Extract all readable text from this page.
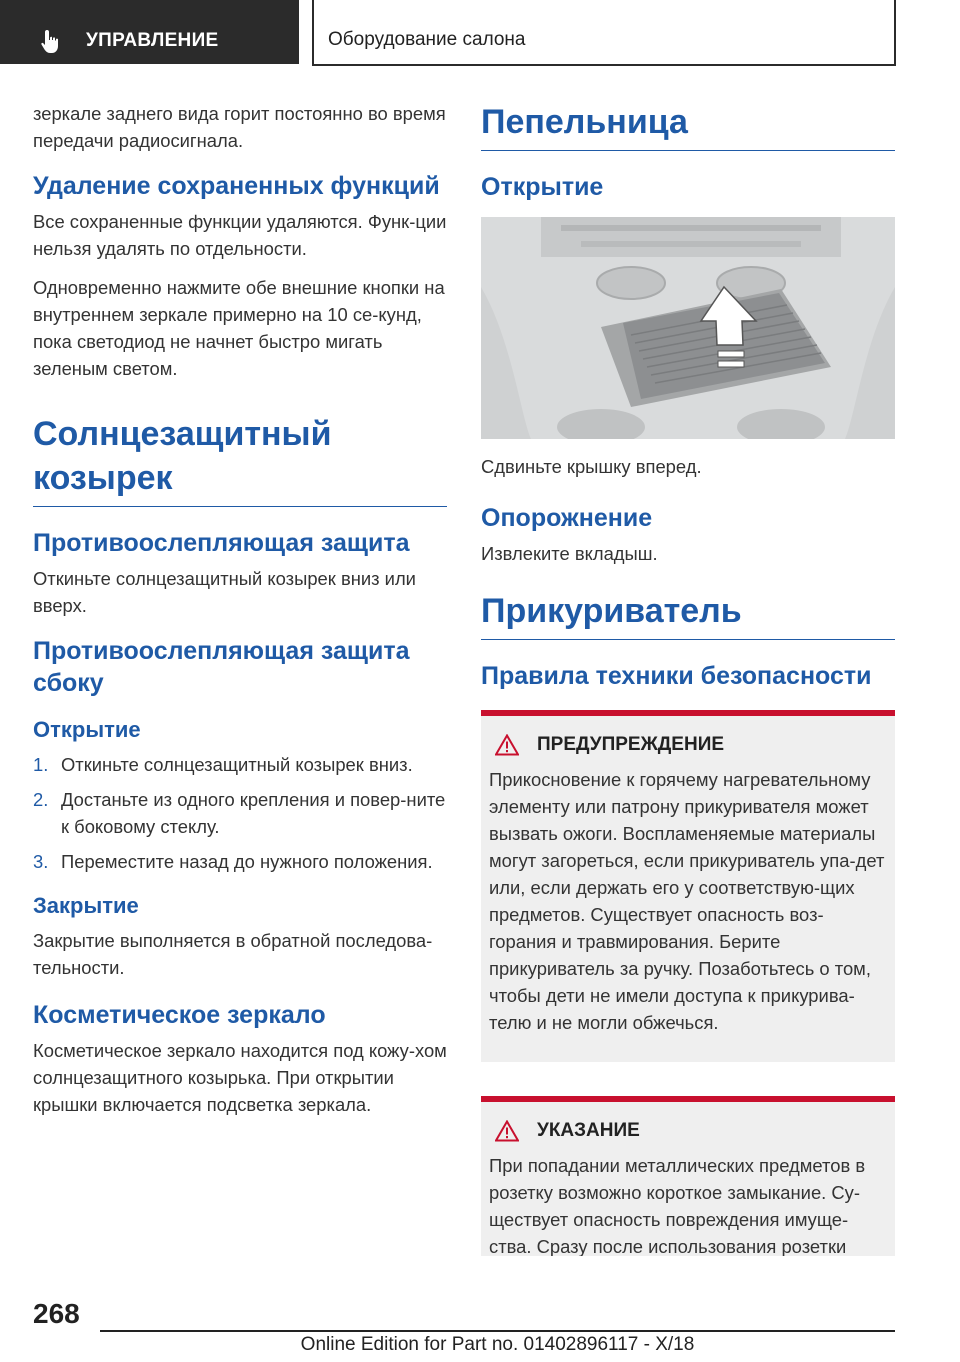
УПРАВЛЕНИЕ	Оборудование салона

зеркале заднего вида горит постоянно во время передачи радиосигнала.

Удаление сохраненных функций

Все сохраненные функции удаляются. Функ-ции нельзя удалять по отдельности.

Одновременно нажмите обе внешние кнопки на внутреннем зеркале примерно на 10 се-кунд, пока светодиод не начнет быстро мигать зеленым светом.

Солнцезащитный козырек
Противоослепляющая защита

Откиньте солнцезащитный козырек вниз или вверх.

Противоослепляющая защита сбоку
Открытие
1. Откиньте солнцезащитный козырек вниз.
2. Достаньте из одного крепления и повер-ните к боковому стеклу.
3. Переместите назад до нужного положения.
Закрытие

Закрытие выполняется в обратной последова-тельности.

Косметическое зеркало

Косметическое зеркало находится под кожу-хом солнцезащитного козырька. При открытии крышки включается подсветка зеркала.

Пепельница
Открытие

Сдвиньте крышку вперед.

Опорожнение

Извлеките вкладыш.

Прикуриватель
Правила техники безопасности
ПРЕДУПРЕЖДЕНИЕ

Прикосновение к горячему нагревательному элементу или патрону прикуривателя может вызвать ожоги. Воспламеняемые материалы могут загореться, если прикуриватель упа-дет или, если держать его у соответствую-щих предметов. Существует опасность воз-горания и травмирования. Берите прикуриватель за ручку. Позаботьтесь о том, чтобы дети не имели доступа к прикурива-телю и не могли обжечься.

УКАЗАНИЕ

При попадании металлических предметов в розетку возможно короткое замыкание. Су-ществует опасность повреждения имуще-ства. Сразу после использования розетки

268
Online Edition for Part no. 01402896117 - X/18
